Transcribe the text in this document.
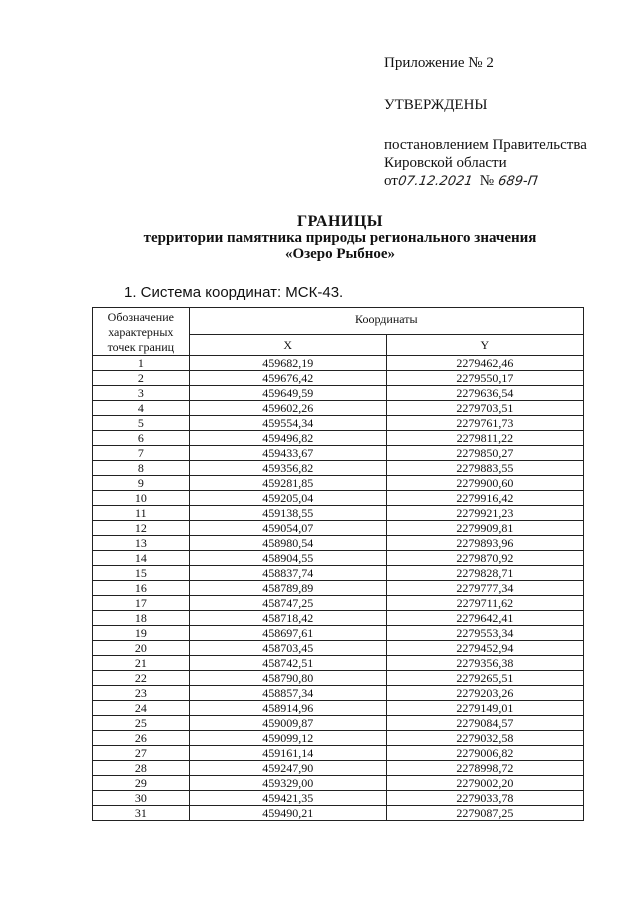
Приложение № 2
УТВЕРЖДЕНЫ
постановлением Правительства
Кировской области
от07.12.2021 № 689-П
ГРАНИЦЫ
территории памятника природы регионального значения
«Озеро Рыбное»
1. Система координат: МСК-43.
Обозначение характерных точек границ	Координаты	
	X	Y
1	459682,19	2279462,46
2	459676,42	2279550,17
3	459649,59	2279636,54
4	459602,26	2279703,51
5	459554,34	2279761,73
6	459496,82	2279811,22
7	459433,67	2279850,27
8	459356,82	2279883,55
9	459281,85	2279900,60
10	459205,04	2279916,42
11	459138,55	2279921,23
12	459054,07	2279909,81
13	458980,54	2279893,96
14	458904,55	2279870,92
15	458837,74	2279828,71
16	458789,89	2279777,34
17	458747,25	2279711,62
18	458718,42	2279642,41
19	458697,61	2279553,34
20	458703,45	2279452,94
21	458742,51	2279356,38
22	458790,80	2279265,51
23	458857,34	2279203,26
24	458914,96	2279149,01
25	459009,87	2279084,57
26	459099,12	2279032,58
27	459161,14	2279006,82
28	459247,90	2278998,72
29	459329,00	2279002,20
30	459421,35	2279033,78
31	459490,21	2279087,25
